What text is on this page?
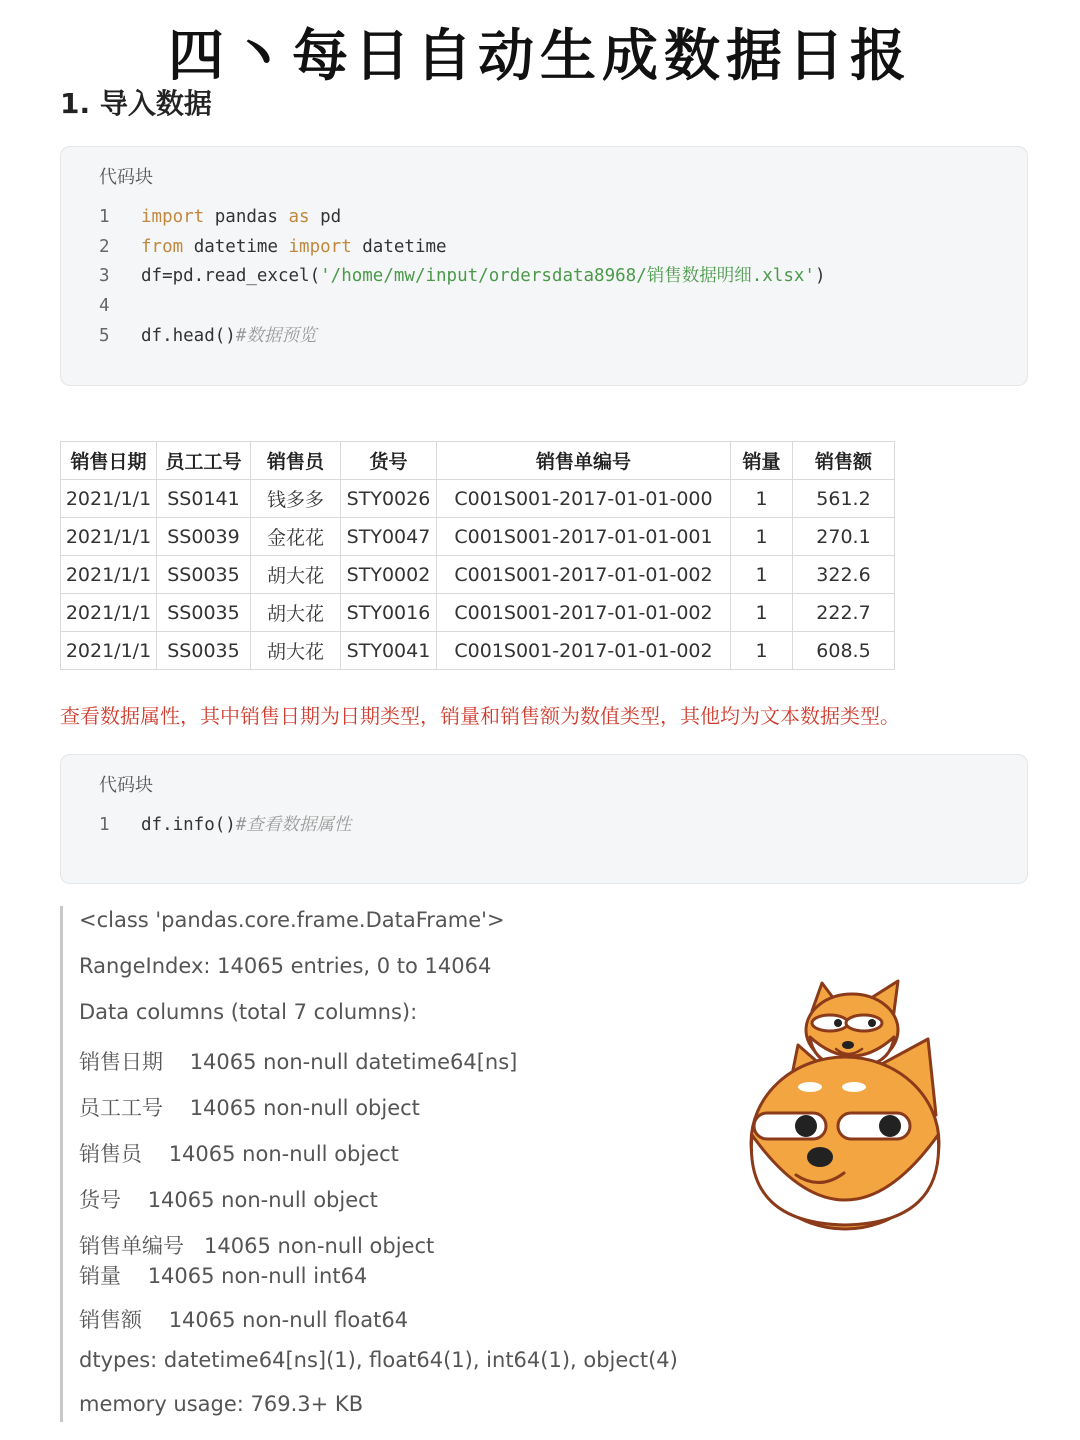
四丶每日自动生成数据日报
1. 导入数据
代码块
1 import pandas as pd
2 from datetime import datetime
3 df=pd.read_excel('/home/mw/input/ordersdata8968/销售数据明细.xlsx')
4
5 df.head()#数据预览
销售日期	员工工号	销售员	货号	销售单编号	销量	销售额
2021/1/1	SS0141	钱多多	STY0026	C001S001-2017-01-01-000	1	561.2
2021/1/1	SS0039	金花花	STY0047	C001S001-2017-01-01-001	1	270.1
2021/1/1	SS0035	胡大花	STY0002	C001S001-2017-01-01-002	1	322.6
2021/1/1	SS0035	胡大花	STY0016	C001S001-2017-01-01-002	1	222.7
2021/1/1	SS0035	胡大花	STY0041	C001S001-2017-01-01-002	1	608.5

查看数据属性，其中销售日期为日期类型，销量和销售额为数值类型，其他均为文本数据类型。

代码块
1 df.info()#查看数据属性
<class 'pandas.core.frame.DataFrame'>
RangeIndex: 14065 entries, 0 to 14064
Data columns (total 7 columns):
销售日期    14065 non-null datetime64[ns]
员工工号    14065 non-null object
销售员    14065 non-null object
货号    14065 non-null object
销售单编号   14065 non-null object
销量    14065 non-null int64
销售额    14065 non-null float64
dtypes: datetime64[ns](1), float64(1), int64(1), object(4)
memory usage: 769.3+ KB
